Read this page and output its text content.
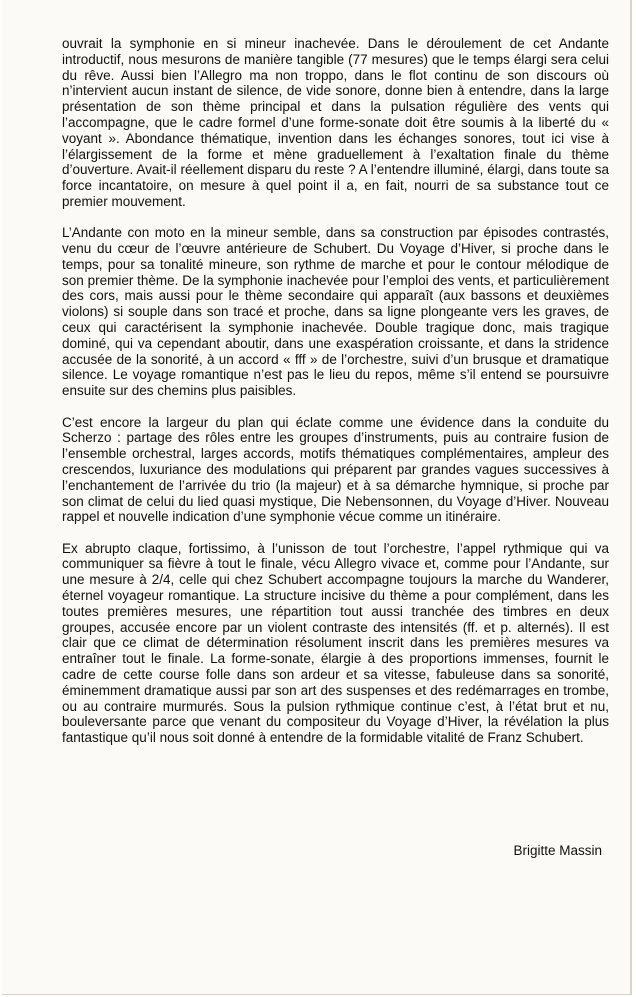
ouvrait la symphonie en si mineur inachevée. Dans le déroulement de cet Andante introductif, nous mesurons de manière tangible (77 mesures) que le temps élargi sera celui du rêve. Aussi bien l’Allegro ma non troppo, dans le flot continu de son discours où n’intervient aucun instant de silence, de vide sonore, donne bien à entendre, dans la large présentation de son thème principal et dans la pulsation régulière des vents qui l’accompagne, que le cadre formel d’une forme-sonate doit être soumis à la liberté du « voyant ». Abondance thématique, invention dans les échanges sonores, tout ici vise à l’élargissement de la forme et mène graduellement à l’exaltation finale du thème d’ouverture. Avait-il réellement disparu du reste ? A l’entendre illuminé, élargi, dans toute sa force incantatoire, on mesure à quel point il a, en fait, nourri de sa substance tout ce premier mouvement.

L’Andante con moto en la mineur semble, dans sa construction par épisodes contrastés, venu du cœur de l’œuvre antérieure de Schubert. Du Voyage d’Hiver, si proche dans le temps, pour sa tonalité mineure, son rythme de marche et pour le contour mélodique de son premier thème. De la symphonie inachevée pour l’emploi des vents, et particulièrement des cors, mais aussi pour le thème secondaire qui apparaît (aux bassons et deuxièmes violons) si souple dans son tracé et proche, dans sa ligne plongeante vers les graves, de ceux qui caractérisent la symphonie inachevée. Double tragique donc, mais tragique dominé, qui va cependant aboutir, dans une exaspération croissante, et dans la stridence accusée de la sonorité, à un accord « fff » de l’orchestre, suivi d’un brusque et dramatique silence. Le voyage romantique n’est pas le lieu du repos, même s’il entend se poursuivre ensuite sur des chemins plus paisibles.

C’est encore la largeur du plan qui éclate comme une évidence dans la conduite du Scherzo : partage des rôles entre les groupes d’instruments, puis au contraire fusion de l’ensemble orchestral, larges accords, motifs thématiques complémentaires, ampleur des crescendos, luxuriance des modulations qui préparent par grandes vagues successives à l’enchantement de l’arrivée du trio (la majeur) et à sa démarche hymnique, si proche par son climat de celui du lied quasi mystique, Die Nebensonnen, du Voyage d’Hiver. Nouveau rappel et nouvelle indication d’une symphonie vécue comme un itinéraire.

Ex abrupto claque, fortissimo, à l’unisson de tout l’orchestre, l’appel rythmique qui va communiquer sa fièvre à tout le finale, vécu Allegro vivace et, comme pour l’Andante, sur une mesure à 2/4, celle qui chez Schubert accompagne toujours la marche du Wanderer, éternel voyageur romantique. La structure incisive du thème a pour complément, dans les toutes premières mesures, une répartition tout aussi tranchée des timbres en deux groupes, accusée encore par un violent contraste des intensités (ff. et p. alternés). Il est clair que ce climat de détermination résolument inscrit dans les premières mesures va entraîner tout le finale. La forme-sonate, élargie à des proportions immenses, fournit le cadre de cette course folle dans son ardeur et sa vitesse, fabuleuse dans sa sonorité, éminemment dramatique aussi par son art des suspenses et des redémarrages en trombe, ou au contraire murmurés. Sous la pulsion rythmique continue c’est, à l’état brut et nu, bouleversante parce que venant du compositeur du Voyage d’Hiver, la révélation la plus fantastique qu’il nous soit donné à entendre de la formidable vitalité de Franz Schubert.

Brigitte Massin
